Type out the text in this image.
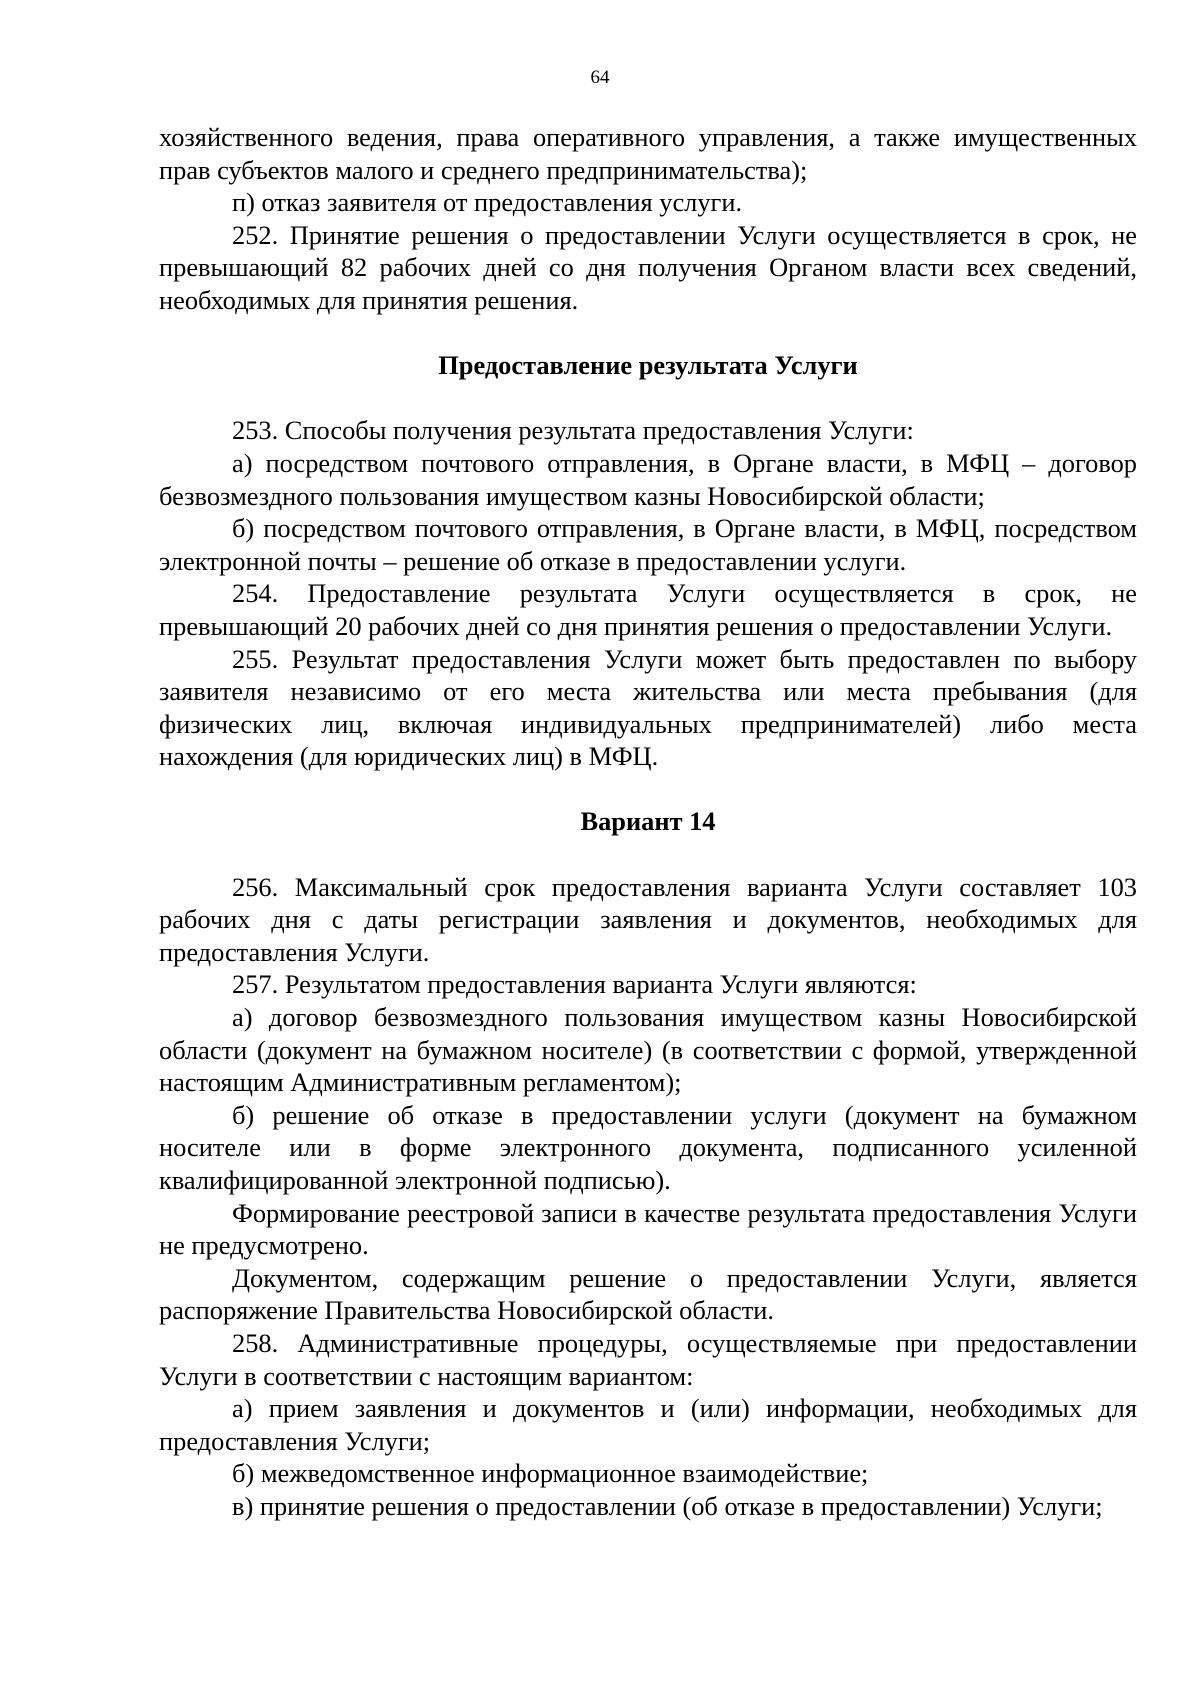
64

хозяйственного ведения, права оперативного управления, а также имущественных прав субъектов малого и среднего предпринимательства);

п) отказ заявителя от предоставления услуги.

252. Принятие решения о предоставлении Услуги осуществляется в срок, не превышающий 82 рабочих дней со дня получения Органом власти всех сведений, необходимых для принятия решения.

Предоставление результата Услуги

253. Способы получения результата предоставления Услуги:

а) посредством почтового отправления, в Органе власти, в МФЦ – договор безвозмездного пользования имуществом казны Новосибирской области;

б) посредством почтового отправления, в Органе власти, в МФЦ, посредством электронной почты – решение об отказе в предоставлении услуги.

254. Предоставление результата Услуги осуществляется в срок, не превышающий 20 рабочих дней со дня принятия решения о предоставлении Услуги.

255. Результат предоставления Услуги может быть предоставлен по выбору заявителя независимо от его места жительства или места пребывания (для физических лиц, включая индивидуальных предпринимателей) либо места нахождения (для юридических лиц) в МФЦ.

Вариант 14

256. Максимальный срок предоставления варианта Услуги составляет 103 рабочих дня с даты регистрации заявления и документов, необходимых для предоставления Услуги.

257. Результатом предоставления варианта Услуги являются:

а) договор безвозмездного пользования имуществом казны Новосибирской области (документ на бумажном носителе) (в соответствии с формой, утвержденной настоящим Административным регламентом);

б) решение об отказе в предоставлении услуги (документ на бумажном носителе или в форме электронного документа, подписанного усиленной квалифицированной электронной подписью).

Формирование реестровой записи в качестве результата предоставления Услуги не предусмотрено.

Документом, содержащим решение о предоставлении Услуги, является распоряжение Правительства Новосибирской области.

258. Административные процедуры, осуществляемые при предоставлении Услуги в соответствии с настоящим вариантом:

а) прием заявления и документов и (или) информации, необходимых для предоставления Услуги;

б) межведомственное информационное взаимодействие;

в) принятие решения о предоставлении (об отказе в предоставлении) Услуги;
